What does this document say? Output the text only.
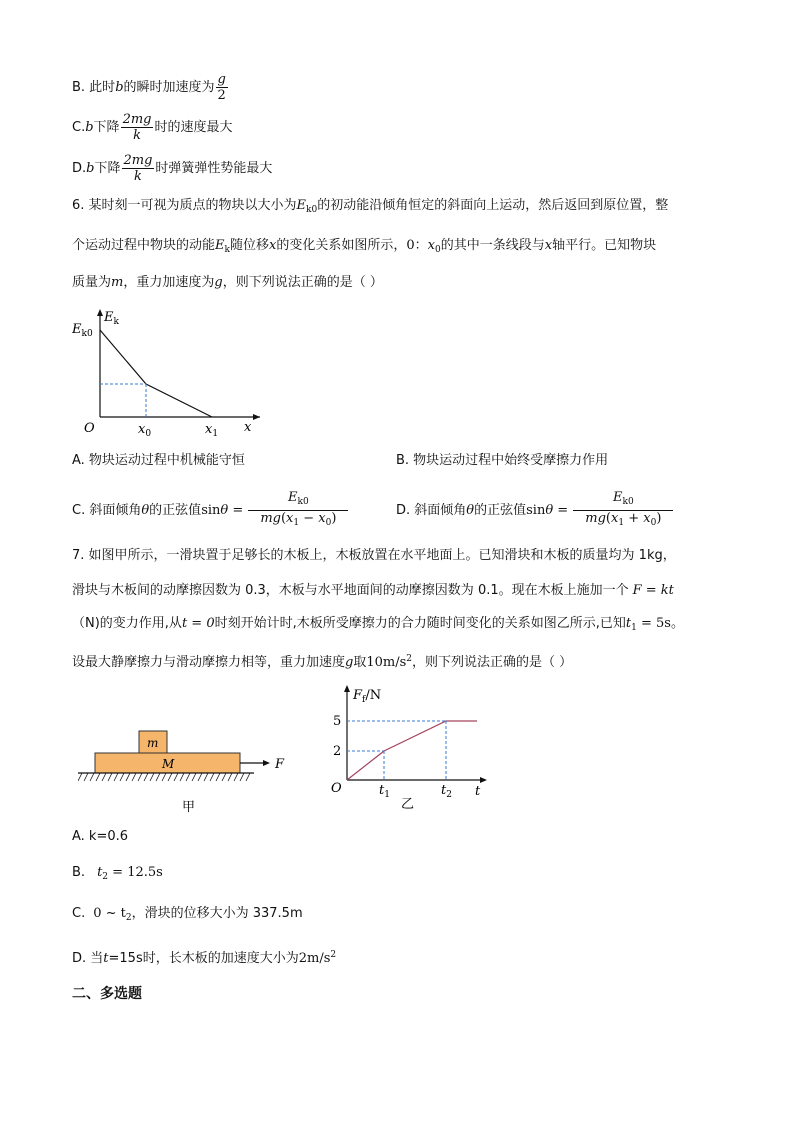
B. 此时b的瞬时加速度为 $\frac{g}{2}$
C.b下降 $\frac{2mg}{k}$ 时的速度最大
D.b下降 $\frac{2mg}{k}$ 时弹簧弹性势能最大
6. 某时刻一可视为质点的物块以大小为$E_{k0}$的初动能沿倾角恒定的斜面向上运动，然后返回到原位置，整
个运动过程中物块的动能$E_k$随位移x的变化关系如图所示，0：$x_0$的其中一条线段与x轴平行。已知物块
质量为m，重力加速度为g，则下列说法正确的是（ ）
$E_k$
$E_{k0}$
O	$x_0$	$x_1$ x
A. 物块运动过程中机械能守恒	B. 物块运动过程中始终受摩擦力作用
C. 斜面倾角θ的正弦值$\sin\theta = \frac{E_{k0}}{mg(x_1 - x_0)}$	D. 斜面倾角θ的正弦值$\sin\theta = \frac{E_{k0}}{mg(x_1 + x_0)}$
7. 如图甲所示，一滑块置于足够长的木板上，木板放置在水平地面上。已知滑块和木板的质量均为 1kg，
滑块与木板间的动摩擦因数为 0.3，木板与水平地面间的动摩擦因数为 0.1。现在木板上施加一个 F = kt
（N)的变力作用,从t = 0时刻开始计时,木板所受摩擦力的合力随时间变化的关系如图乙所示,已知$t_1 = 5s$。
设最大静摩擦力与滑动摩擦力相等，重力加速度g取$10m/s^2$，则下列说法正确的是（ ）
m
M	F
甲
$F_f/N$
5
2
O	$t_1$	$t_2$ t
乙
A. k=0.6
B. $t_2 = 12.5s$
C. 0 ~ $t_2$，滑块的位移大小为 337.5m
D. 当t=15s时，长木板的加速度大小为$2m/s^2$
二、多选题
